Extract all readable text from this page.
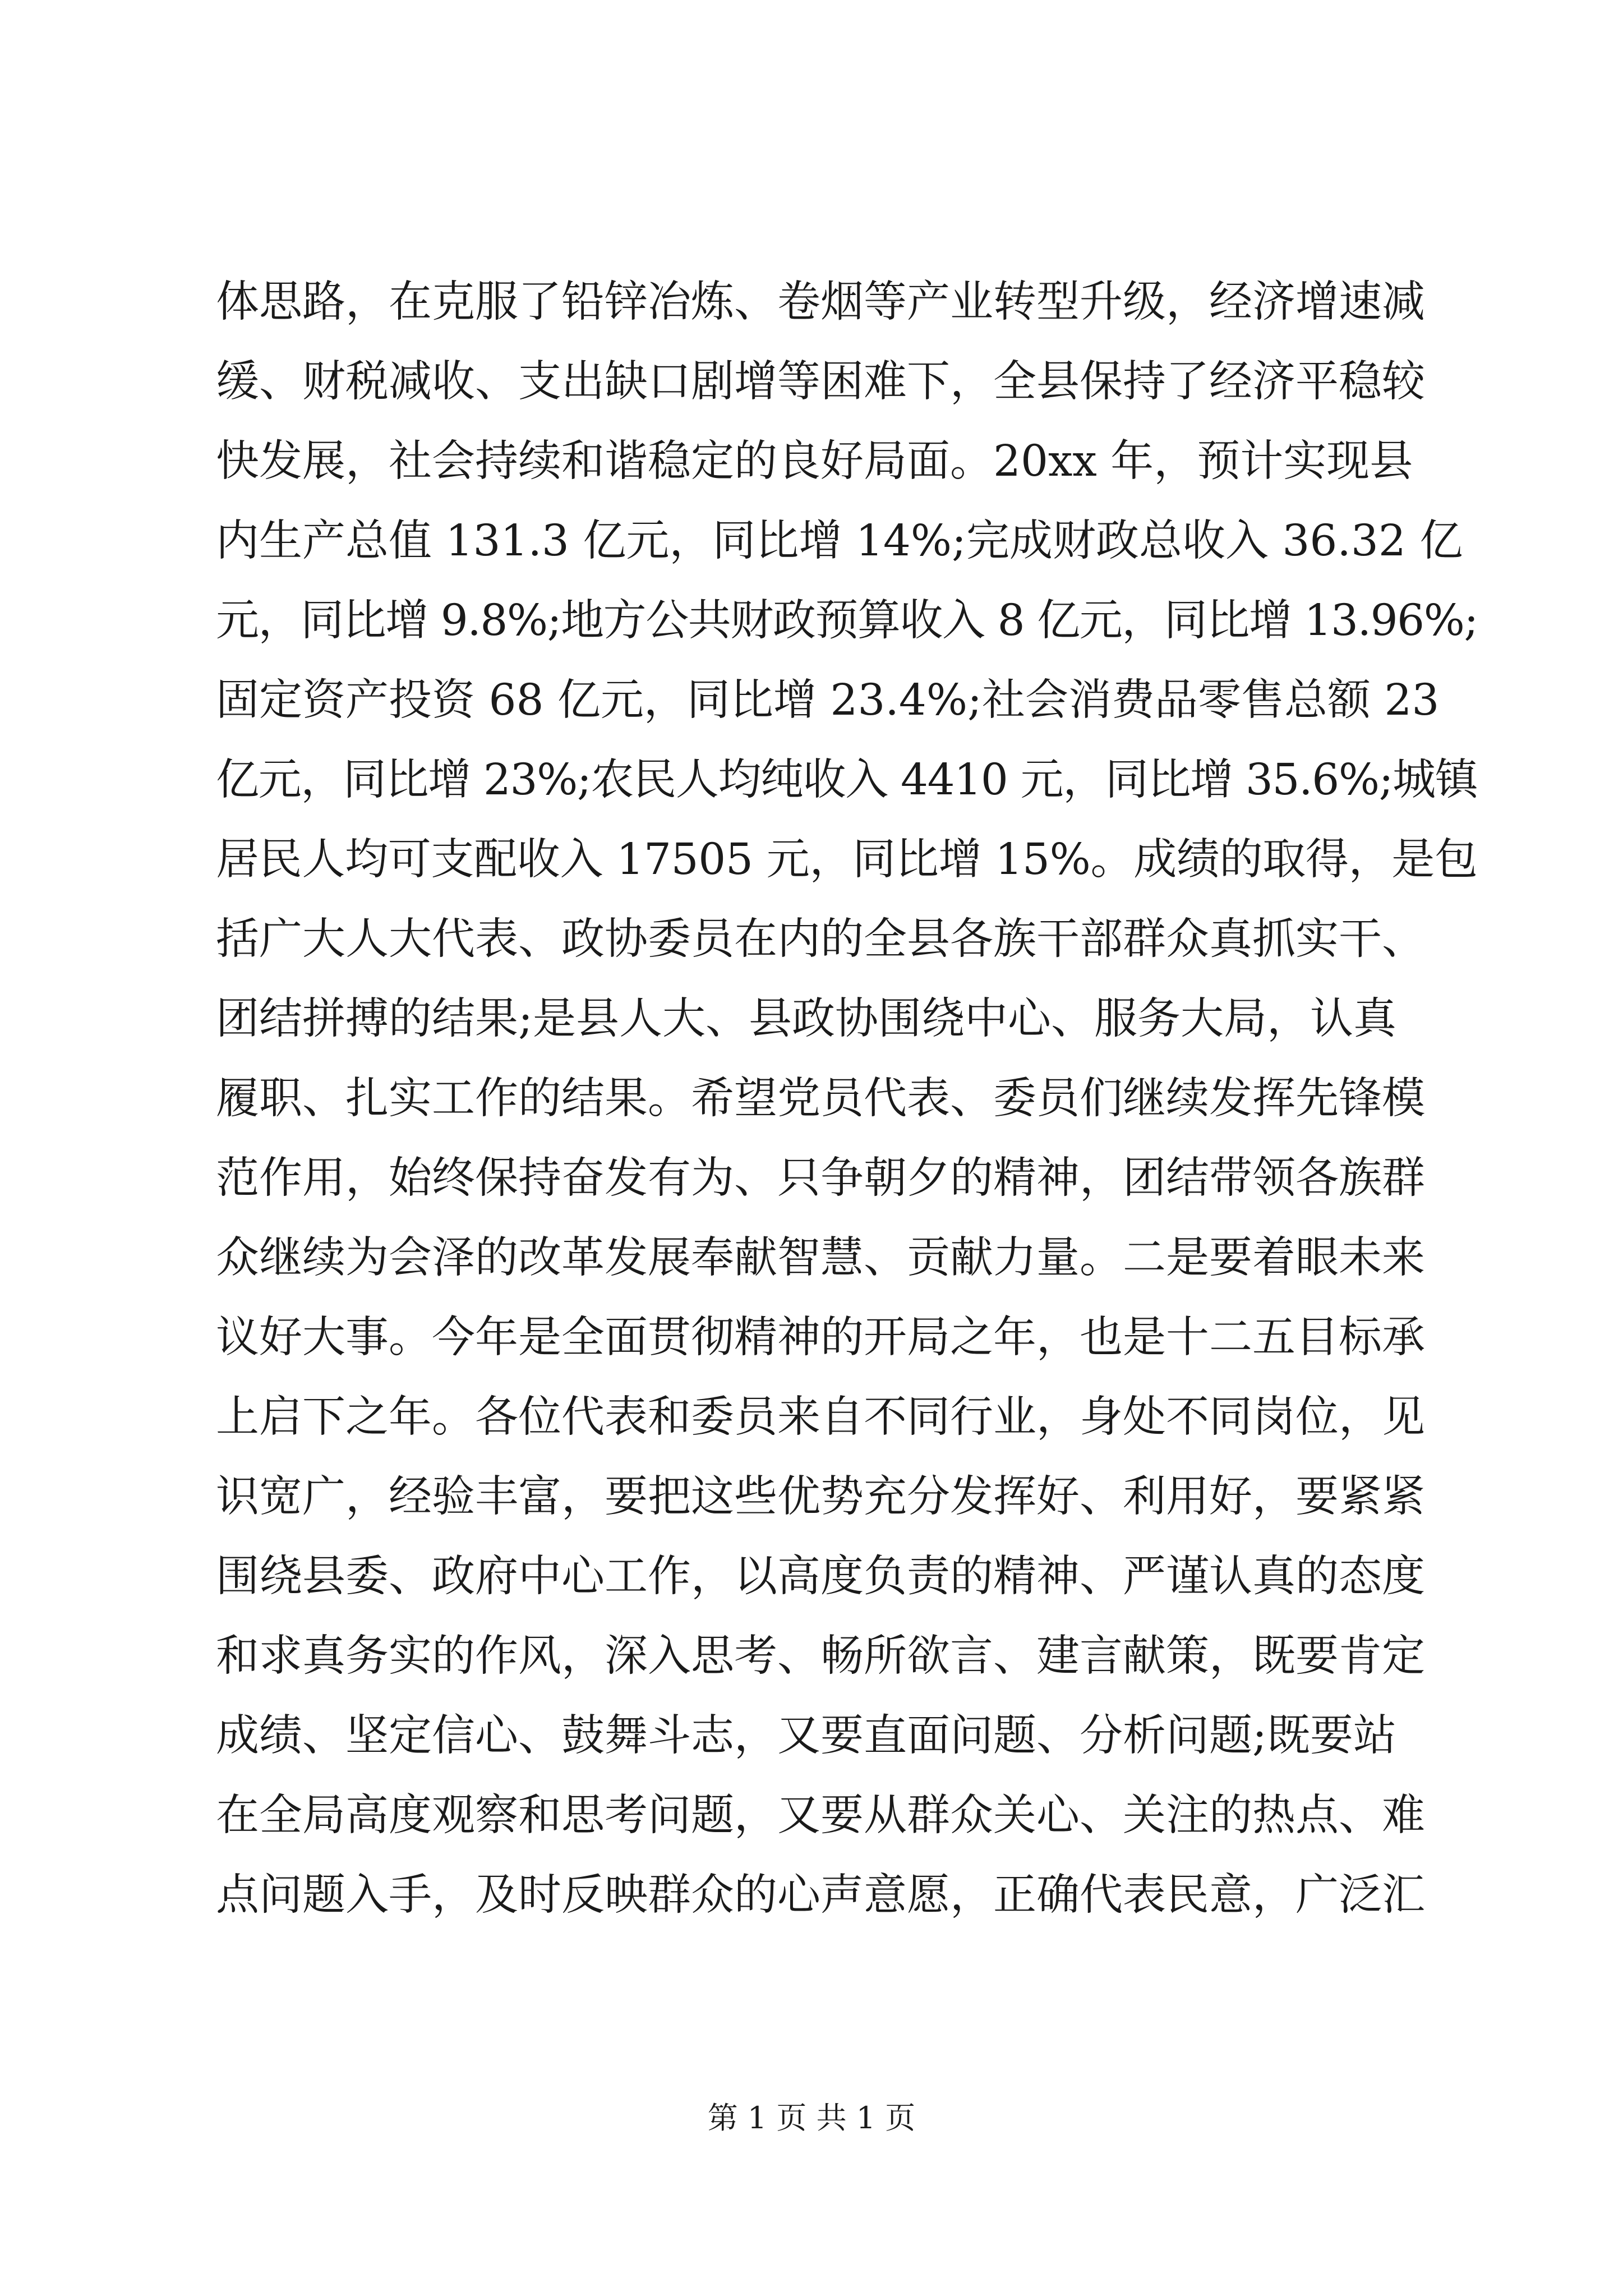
体思路，在克服了铅锌冶炼、卷烟等产业转型升级，经济增速减
缓、财税减收、支出缺口剧增等困难下，全县保持了经济平稳较
快发展，社会持续和谐稳定的良好局面。20xx 年，预计实现县
内生产总值 131.3 亿元，同比增 14%;完成财政总收入 36.32 亿
元，同比增 9.8%;地方公共财政预算收入 8 亿元，同比增 13.96%;
固定资产投资 68 亿元，同比增 23.4%;社会消费品零售总额 23
亿元，同比增 23%;农民人均纯收入 4410 元，同比增 35.6%;城镇
居民人均可支配收入 17505 元，同比增 15%。成绩的取得，是包
括广大人大代表、政协委员在内的全县各族干部群众真抓实干、
团结拼搏的结果;是县人大、县政协围绕中心、服务大局，认真
履职、扎实工作的结果。希望党员代表、委员们继续发挥先锋模
范作用，始终保持奋发有为、只争朝夕的精神，团结带领各族群
众继续为会泽的改革发展奉献智慧、贡献力量。二是要着眼未来
议好大事。今年是全面贯彻精神的开局之年，也是十二五目标承
上启下之年。各位代表和委员来自不同行业，身处不同岗位，见
识宽广，经验丰富，要把这些优势充分发挥好、利用好，要紧紧
围绕县委、政府中心工作，以高度负责的精神、严谨认真的态度
和求真务实的作风，深入思考、畅所欲言、建言献策，既要肯定
成绩、坚定信心、鼓舞斗志，又要直面问题、分析问题;既要站
在全局高度观察和思考问题，又要从群众关心、关注的热点、难
点问题入手，及时反映群众的心声意愿，正确代表民意，广泛汇
第 1 页 共 1 页
